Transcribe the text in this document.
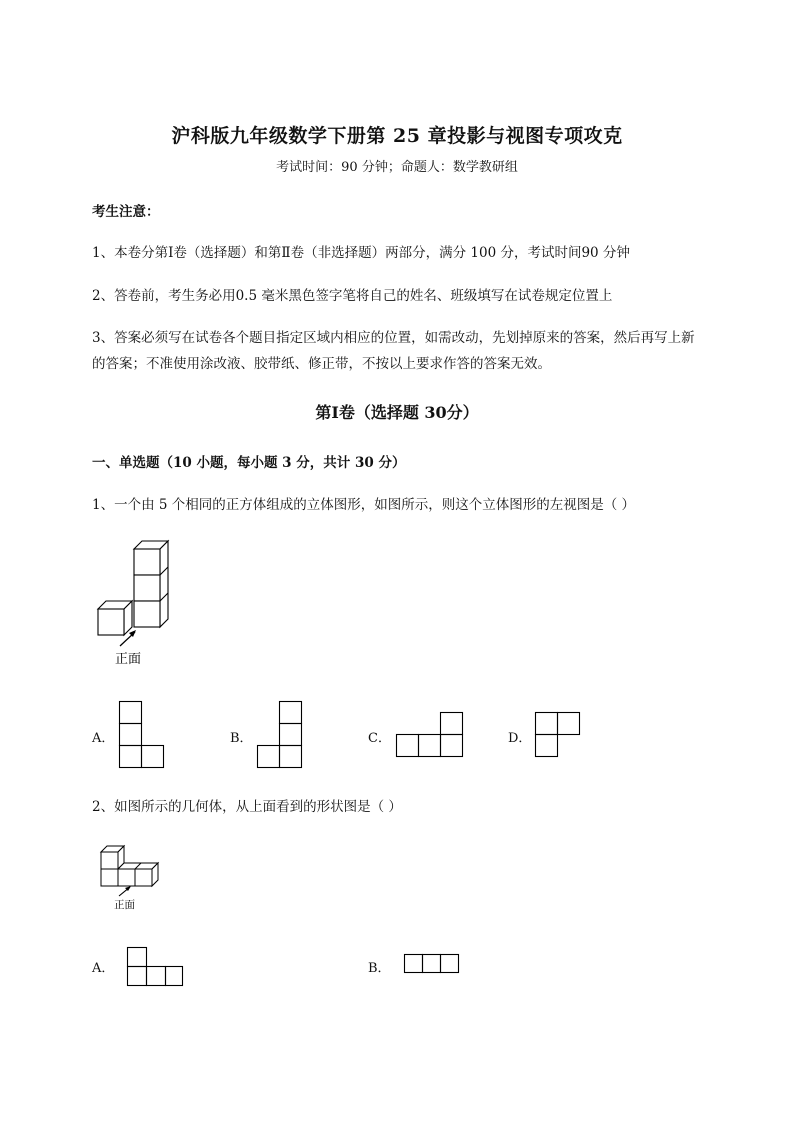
沪科版九年级数学下册第 25 章投影与视图专项攻克
考试时间：90 分钟；命题人：数学教研组
考生注意：
1、本卷分第Ⅰ卷（选择题）和第Ⅱ卷（非选择题）两部分，满分 100 分，考试时间90 分钟
2、答卷前，考生务必用0.5 毫米黑色签字笔将自己的姓名、班级填写在试卷规定位置上
3、答案必须写在试卷各个题目指定区域内相应的位置，如需改动，先划掉原来的答案，然后再写上新
的答案；不准使用涂改液、胶带纸、修正带，不按以上要求作答的答案无效。
第Ⅰ卷（选择题 30分）
一、单选题（10 小题，每小题 3 分，共计 30 分）
1、一个由 5 个相同的正方体组成的立体图形，如图所示，则这个立体图形的左视图是（ ）
正面
A．	B．	C．	D．
2、如图所示的几何体，从上面看到的形状图是（ ）
正面
A．	B．
